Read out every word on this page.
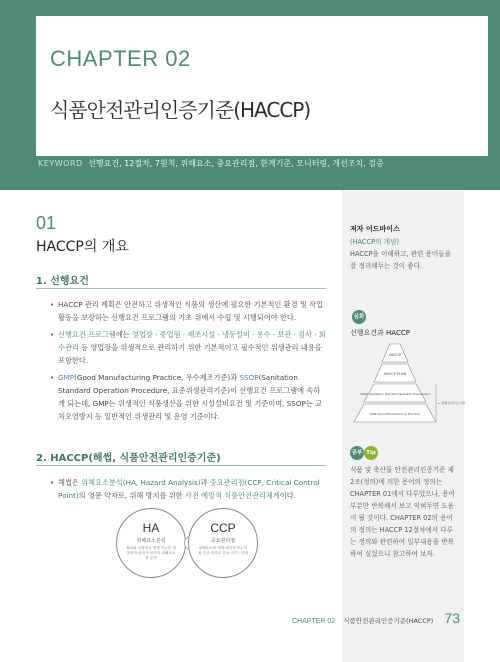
CHAPTER 02
식품안전관리인증기준(HACCP)
KEYWORD 선행요건, 12절차, 7원칙, 위해요소, 중요관리점, 한계기준, 모니터링, 개선조치, 검증
01
HACCP의 개요
1. 선행요건
• HACCP 관리 계획은 안전하고 위생적인 식품의 생산에 필요한 기본적인 환경 및 작업활동을 보장하는 선행요건 프로그램의 기초 위에서 수립 및 시행되어야 한다.
• 선행요건 프로그램에는 영업장 · 종업원 · 제조시설 · 냉동설비 · 용수 · 보관 · 검사 · 회수관리 등 영업장을 위생적으로 관리하기 위한 기본적이고 필수적인 위생관리 내용을 포함한다.
• GMP(Good Manufacturing Practice, 우수제조기준)과 SSOP(Sanitation Standard Operation Procedure, 표준위생관리기준)이 선행요건 프로그램에 속하게 되는데, GMP는 위생적인 식품생산을 위한 시설설비요건 및 기준이며, SSOP는 교차오염방지 등 일반적인 위생관리 및 운영 기준이다.
2. HACCP(해썹, 식품안전관리인증기준)
• 해썹은 위해요소분석(HA, Hazard Analysis)과 중요관리점(CCP, Critical Control Point)의 영문 약자로, 위해 방지를 위한 사전 예방적 식품안전관리체계이다.
HA
위해요소분석
원료와 공정에서 발생 가능한 생물학적·화학적·물리적 위해요소를 분석
CCP
중요관리점
위해요소를 예방·제거하거나 허용 수준 이하로 감소시키는 단계
저자 어드바이스
(HACCP의 개념)
HACCP을 이해하고, 관련 용어들을 잘 정리해두는 것이 좋다.
심화
선행요건과 HACCP
HACCP
HACCP PLAN
SSOP (Sanitation Standard Operation Procedures)
GMP (Good Manufacturing Practice)
← 선행요건프로그램
공부 Tip
식품 및 축산물 안전관리인증기준 제2조(정의)에 의한 용어의 정의는 CHAPTER 01에서 다루었으나, 용어 부분만 반복해서 보고 익혀두면 도움이 될 것이다. CHAPTER 02의 용어의 정의는 HACCP 12절차에서 다루는 정의와 관련하여 일부내용을 반복하여 실었으니 참고하여 보자.
CHAPTER 02 식품안전관리인증기준(HACCP) 73
